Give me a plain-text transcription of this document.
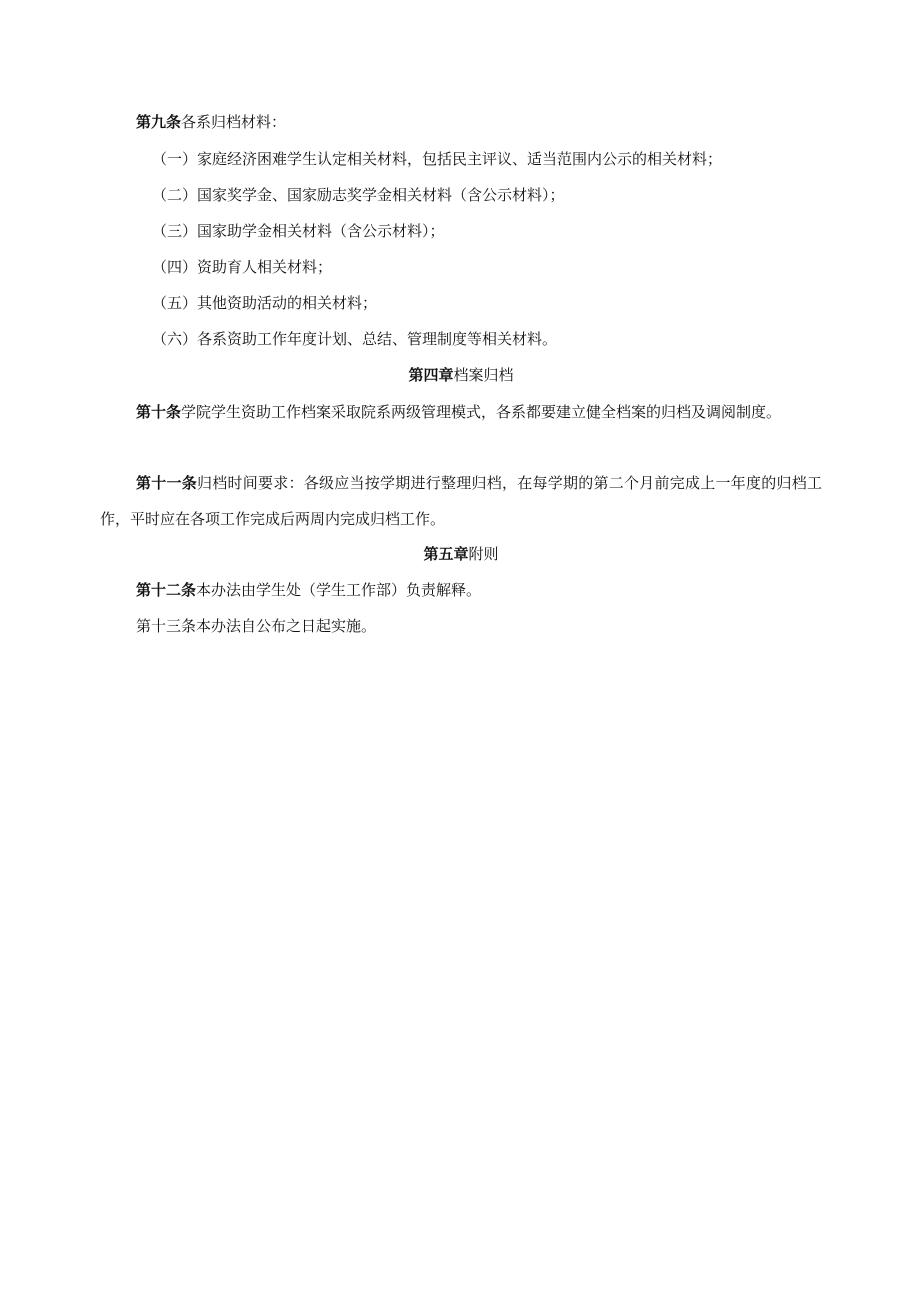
第九条各系归档材料：

（一）家庭经济困难学生认定相关材料，包括民主评议、适当范围内公示的相关材料；

（二）国家奖学金、国家励志奖学金相关材料（含公示材料）；

（三）国家助学金相关材料（含公示材料）；

（四）资助育人相关材料；

（五）其他资助活动的相关材料；

（六）各系资助工作年度计划、总结、管理制度等相关材料。

第四章档案归档

第十条学院学生资助工作档案采取院系两级管理模式，各系都要建立健全档案的归档及调阅制度。

第十一条归档时间要求：各级应当按学期进行整理归档，在每学期的第二个月前完成上一年度的归档工作，平时应在各项工作完成后两周内完成归档工作。

第五章附则

第十二条本办法由学生处（学生工作部）负责解释。

第十三条本办法自公布之日起实施。
